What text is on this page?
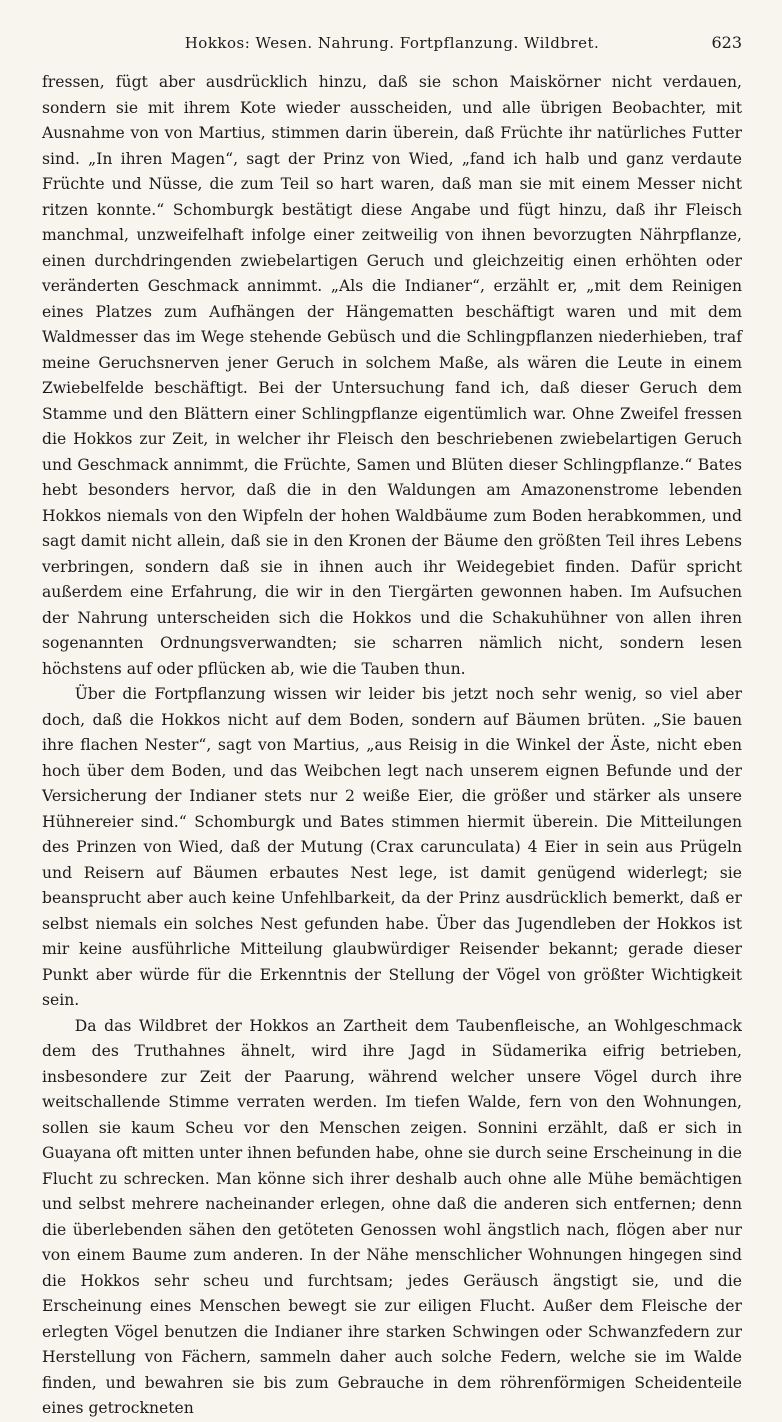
Hokkos: Wesen. Nahrung. Fortpflanzung. Wildbret.	623

fressen, fügt aber ausdrücklich hinzu, daß sie schon Maiskörner nicht verdauen, sondern sie mit ihrem Kote wieder ausscheiden, und alle übrigen Beobachter, mit Ausnahme von von Martius, stimmen darin überein, daß Früchte ihr natürliches Futter sind. „In ihren Magen“, sagt der Prinz von Wied, „fand ich halb und ganz verdaute Früchte und Nüsse, die zum Teil so hart waren, daß man sie mit einem Messer nicht ritzen konnte.“ Schomburgk bestätigt diese Angabe und fügt hinzu, daß ihr Fleisch manchmal, unzweifelhaft infolge einer zeitweilig von ihnen bevorzugten Nährpflanze, einen durchdringenden zwiebelartigen Geruch und gleichzeitig einen erhöhten oder veränderten Geschmack annimmt. „Als die Indianer“, erzählt er, „mit dem Reinigen eines Platzes zum Aufhängen der Hängematten beschäftigt waren und mit dem Waldmesser das im Wege stehende Gebüsch und die Schlingpflanzen niederhieben, traf meine Geruchsnerven jener Geruch in solchem Maße, als wären die Leute in einem Zwiebelfelde beschäftigt. Bei der Untersuchung fand ich, daß dieser Geruch dem Stamme und den Blättern einer Schlingpflanze eigentümlich war. Ohne Zweifel fressen die Hokkos zur Zeit, in welcher ihr Fleisch den beschriebenen zwiebelartigen Geruch und Geschmack annimmt, die Früchte, Samen und Blüten dieser Schlingpflanze.“ Bates hebt besonders hervor, daß die in den Waldungen am Amazonenstrome lebenden Hokkos niemals von den Wipfeln der hohen Waldbäume zum Boden herabkommen, und sagt damit nicht allein, daß sie in den Kronen der Bäume den größten Teil ihres Lebens verbringen, sondern daß sie in ihnen auch ihr Weidegebiet finden. Dafür spricht außerdem eine Erfahrung, die wir in den Tiergärten gewonnen haben. Im Aufsuchen der Nahrung unterscheiden sich die Hokkos und die Schakuhühner von allen ihren sogenannten Ordnungsverwandten; sie scharren nämlich nicht, sondern lesen höchstens auf oder pflücken ab, wie die Tauben thun.

Über die Fortpflanzung wissen wir leider bis jetzt noch sehr wenig, so viel aber doch, daß die Hokkos nicht auf dem Boden, sondern auf Bäumen brüten. „Sie bauen ihre flachen Nester“, sagt von Martius, „aus Reisig in die Winkel der Äste, nicht eben hoch über dem Boden, und das Weibchen legt nach unserem eignen Befunde und der Versicherung der Indianer stets nur 2 weiße Eier, die größer und stärker als unsere Hühnereier sind.“ Schomburgk und Bates stimmen hiermit überein. Die Mitteilungen des Prinzen von Wied, daß der Mutung (Crax carunculata) 4 Eier in sein aus Prügeln und Reisern auf Bäumen erbautes Nest lege, ist damit genügend widerlegt; sie beansprucht aber auch keine Unfehlbarkeit, da der Prinz ausdrücklich bemerkt, daß er selbst niemals ein solches Nest gefunden habe. Über das Jugendleben der Hokkos ist mir keine ausführliche Mitteilung glaubwürdiger Reisender bekannt; gerade dieser Punkt aber würde für die Erkenntnis der Stellung der Vögel von größter Wichtigkeit sein.

Da das Wildbret der Hokkos an Zartheit dem Taubenfleische, an Wohlgeschmack dem des Truthahnes ähnelt, wird ihre Jagd in Südamerika eifrig betrieben, insbesondere zur Zeit der Paarung, während welcher unsere Vögel durch ihre weitschallende Stimme verraten werden. Im tiefen Walde, fern von den Wohnungen, sollen sie kaum Scheu vor den Menschen zeigen. Sonnini erzählt, daß er sich in Guayana oft mitten unter ihnen befunden habe, ohne sie durch seine Erscheinung in die Flucht zu schrecken. Man könne sich ihrer deshalb auch ohne alle Mühe bemächtigen und selbst mehrere nacheinander erlegen, ohne daß die anderen sich entfernen; denn die überlebenden sähen den getöteten Genossen wohl ängstlich nach, flögen aber nur von einem Baume zum anderen. In der Nähe menschlicher Wohnungen hingegen sind die Hokkos sehr scheu und furchtsam; jedes Geräusch ängstigt sie, und die Erscheinung eines Menschen bewegt sie zur eiligen Flucht. Außer dem Fleische der erlegten Vögel benutzen die Indianer ihre starken Schwingen oder Schwanzfedern zur Herstellung von Fächern, sammeln daher auch solche Federn, welche sie im Walde finden, und bewahren sie bis zum Gebrauche in dem röhrenförmigen Scheidenteile eines getrockneten
